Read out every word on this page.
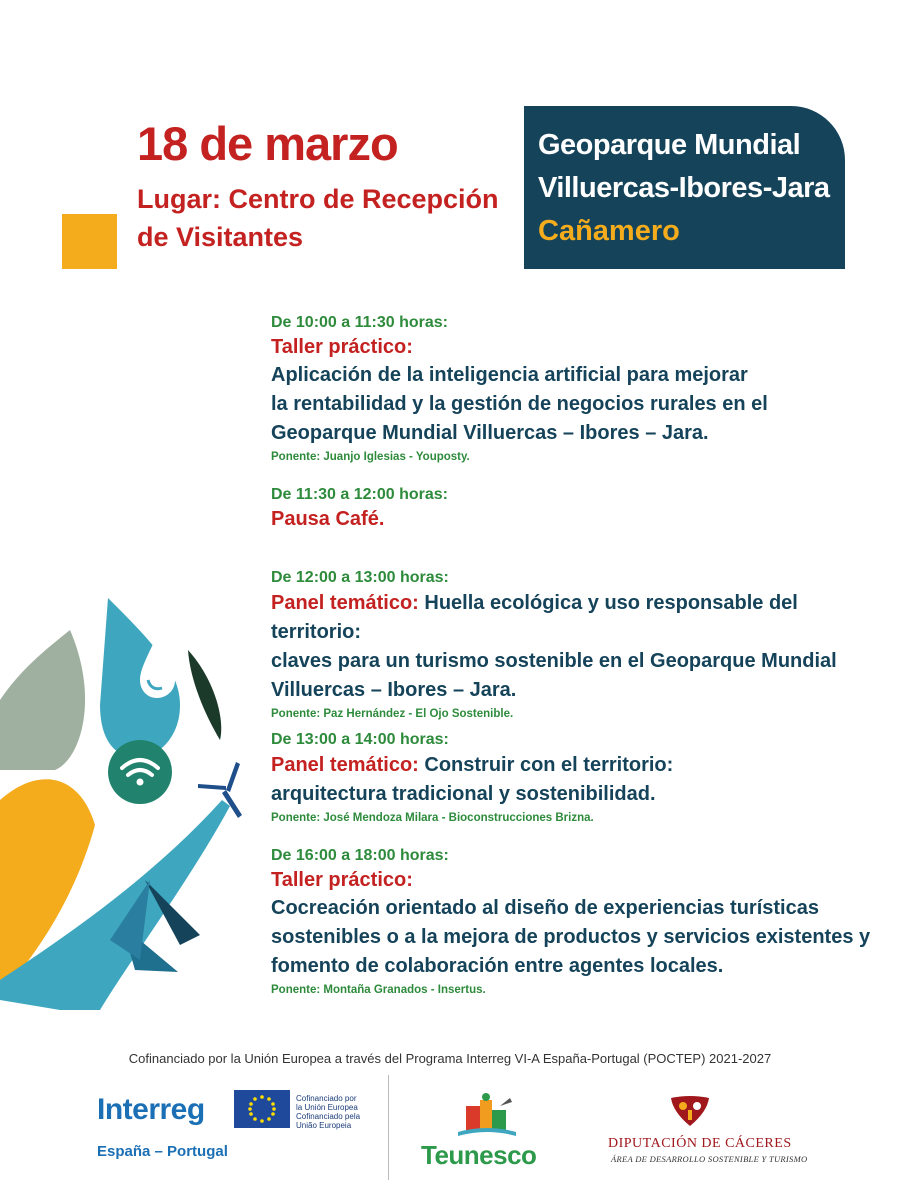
18 de marzo
Lugar: Centro de Recepción
de Visitantes
Geoparque Mundial
Villuercas-Ibores-Jara
Cañamero
De 10:00 a 11:30 horas:
Taller práctico:
Aplicación de la inteligencia artificial para mejorar
la rentabilidad y la gestión de negocios rurales en el
Geoparque Mundial Villuercas – Ibores – Jara.
Ponente: Juanjo Iglesias - Youposty.
De 11:30 a 12:00 horas:
Pausa Café.
De 12:00 a 13:00 horas:
Panel temático: Huella ecológica y uso responsable del territorio:
claves para un turismo sostenible en el Geoparque Mundial
Villuercas – Ibores – Jara.
Ponente: Paz Hernández - El Ojo Sostenible.
De 13:00 a 14:00 horas:
Panel temático: Construir con el territorio:
arquitectura tradicional y sostenibilidad.
Ponente: José Mendoza Milara - Bioconstrucciones Brizna.
De 16:00 a 18:00 horas:
Taller práctico:
Cocreación orientado al diseño de experiencias turísticas
sostenibles o a la mejora de productos y servicios existentes y
fomento de colaboración entre agentes locales.
Ponente: Montaña Granados - Insertus.
Cofinanciado por la Unión Europea a través del Programa Interreg VI-A España-Portugal (POCTEP) 2021-2027
Interreg
España – Portugal
Cofinanciado por
la Unión Europea
Cofinanciado pela
União Europeia
Teunesco	DIPUTACIÓN DE CÁCERES
ÁREA DE DESARROLLO SOSTENIBLE Y TURISMO
